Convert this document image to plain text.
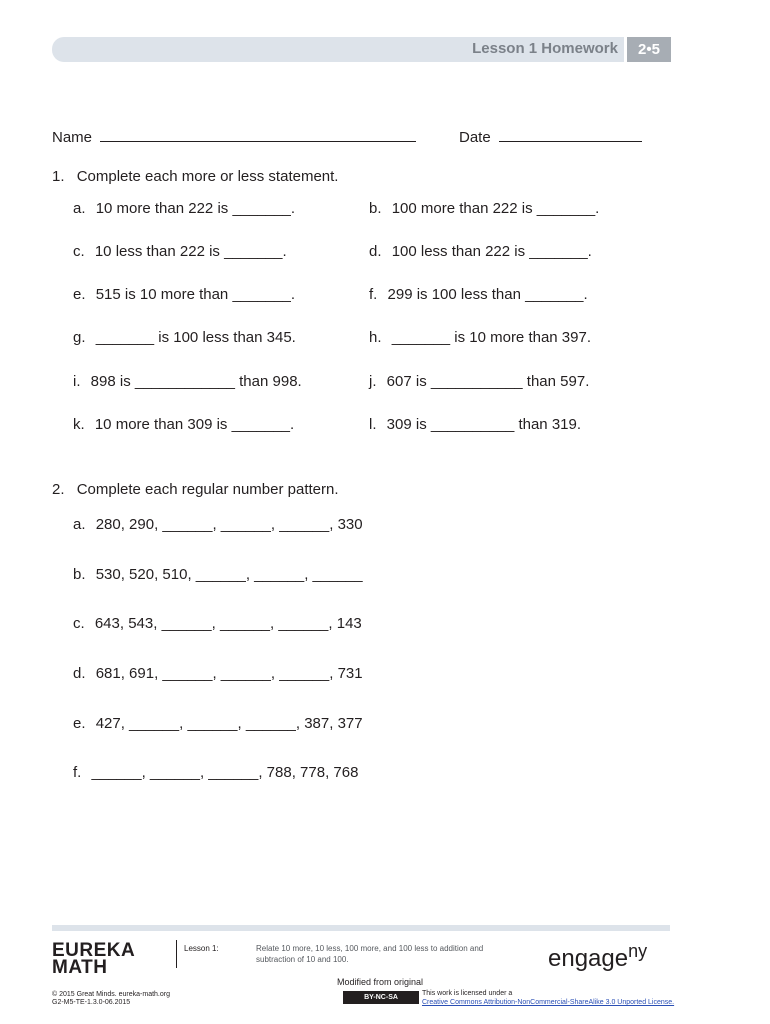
Lesson 1 Homework	2•5
Name	Date
1. Complete each more or less statement.
a. 10 more than 222 is _______.	b. 100 more than 222 is _______.
c. 10 less than 222 is _______.	d. 100 less than 222 is _______.
e. 515 is 10 more than _______.	f. 299 is 100 less than _______.
g. _______ is 100 less than 345.	h. _______ is 10 more than 397.
i. 898 is ____________ than 998.	j. 607 is ___________ than 597.
k. 10 more than 309 is _______.	l. 309 is __________ than 319.
2. Complete each regular number pattern.
a. 280, 290, ______, ______, ______, 330
b. 530, 520, 510, ______, ______, ______
c. 643, 543, ______, ______, ______, 143
d. 681, 691, ______, ______, ______, 731
e. 427, ______, ______, ______, 387, 377
f. ______, ______, ______, 788, 778, 768
EUREKA
MATH
Lesson 1:	Relate 10 more, 10 less, 100 more, and 100 less to addition and
subtraction of 10 and 100.	engage$^{ny}$
Modified from original
© 2015 Great Minds. eureka-math.org
G2-M5-TE-1.3.0-06.2015
BY-NC-SA
This work is licensed under a
Creative Commons Attribution-NonCommercial-ShareAlike 3.0 Unported License.
